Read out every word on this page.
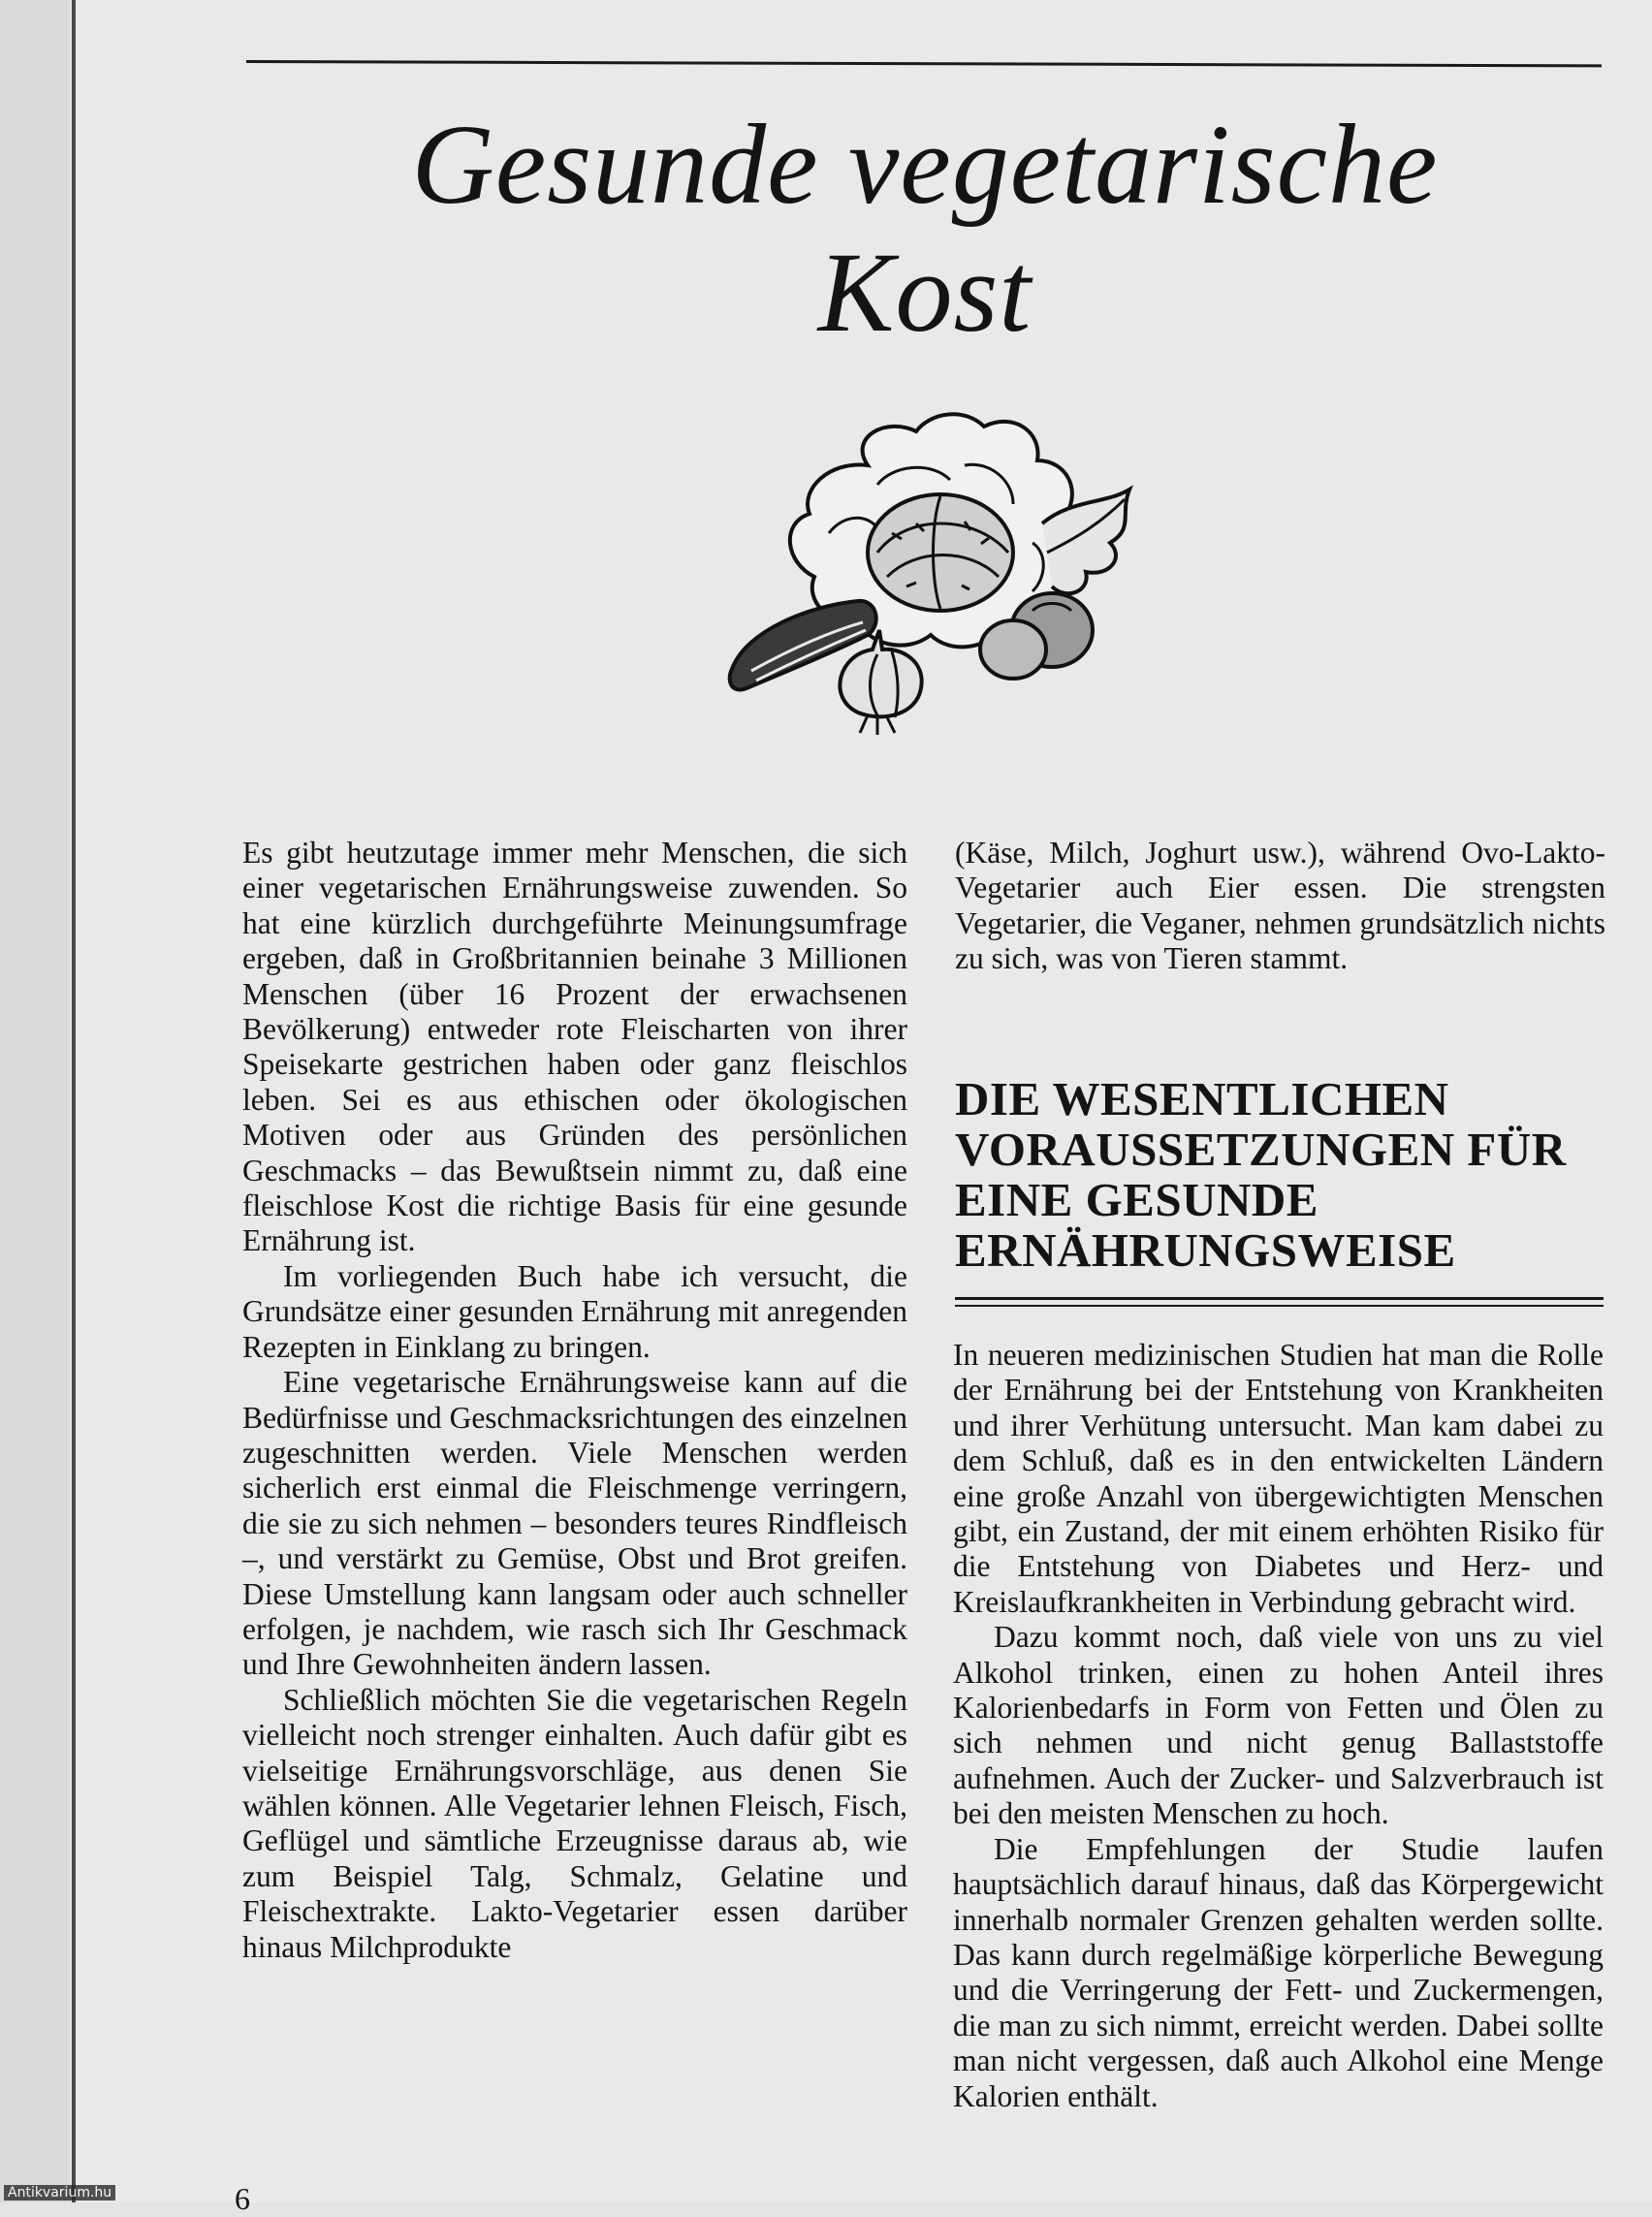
Gesunde vegetarische
Kost

Es gibt heutzutage immer mehr Menschen, die sich einer vegetarischen Ernährungsweise zuwenden. So hat eine kürzlich durchgeführte Meinungsumfrage ergeben, daß in Großbritannien beinahe 3 Millionen Menschen (über 16 Prozent der erwachsenen Bevölkerung) entweder rote Fleischarten von ihrer Speisekarte gestrichen haben oder ganz fleischlos leben. Sei es aus ethischen oder ökologischen Motiven oder aus Gründen des persönlichen Geschmacks – das Bewußtsein nimmt zu, daß eine fleischlose Kost die richtige Basis für eine gesunde Ernährung ist.

Im vorliegenden Buch habe ich versucht, die Grundsätze einer gesunden Ernährung mit anregenden Rezepten in Einklang zu bringen.

Eine vegetarische Ernährungsweise kann auf die Bedürfnisse und Geschmacksrichtungen des einzelnen zugeschnitten werden. Viele Menschen werden sicherlich erst einmal die Fleischmenge verringern, die sie zu sich nehmen – besonders teures Rindfleisch –, und verstärkt zu Gemüse, Obst und Brot greifen. Diese Umstellung kann langsam oder auch schneller erfolgen, je nachdem, wie rasch sich Ihr Geschmack und Ihre Gewohnheiten ändern lassen.

Schließlich möchten Sie die vegetarischen Regeln vielleicht noch strenger einhalten. Auch dafür gibt es vielseitige Ernährungsvorschläge, aus denen Sie wählen können. Alle Vegetarier lehnen Fleisch, Fisch, Geflügel und sämtliche Erzeugnisse daraus ab, wie zum Beispiel Talg, Schmalz, Gelatine und Fleischextrakte. Lakto-Vegetarier essen darüber hinaus Milchprodukte

(Käse, Milch, Joghurt usw.), während Ovo-Lakto-Vegetarier auch Eier essen. Die strengsten Vegetarier, die Veganer, nehmen grundsätzlich nichts zu sich, was von Tieren stammt.

DIE WESENTLICHEN
VORAUSSETZUNGEN FÜR
EINE GESUNDE
ERNÄHRUNGSWEISE

In neueren medizinischen Studien hat man die Rolle der Ernährung bei der Entstehung von Krankheiten und ihrer Verhütung untersucht. Man kam dabei zu dem Schluß, daß es in den entwickelten Ländern eine große Anzahl von übergewichtigten Menschen gibt, ein Zustand, der mit einem erhöhten Risiko für die Entstehung von Diabetes und Herz- und Kreislaufkrankheiten in Verbindung gebracht wird.

Dazu kommt noch, daß viele von uns zu viel Alkohol trinken, einen zu hohen Anteil ihres Kalorienbedarfs in Form von Fetten und Ölen zu sich nehmen und nicht genug Ballaststoffe aufnehmen. Auch der Zucker- und Salzverbrauch ist bei den meisten Menschen zu hoch.

Die Empfehlungen der Studie laufen hauptsächlich darauf hinaus, daß das Körpergewicht innerhalb normaler Grenzen gehalten werden sollte. Das kann durch regelmäßige körperliche Bewegung und die Verringerung der Fett- und Zuckermengen, die man zu sich nimmt, erreicht werden. Dabei sollte man nicht vergessen, daß auch Alkohol eine Menge Kalorien enthält.

6
Antikvarium.hu
